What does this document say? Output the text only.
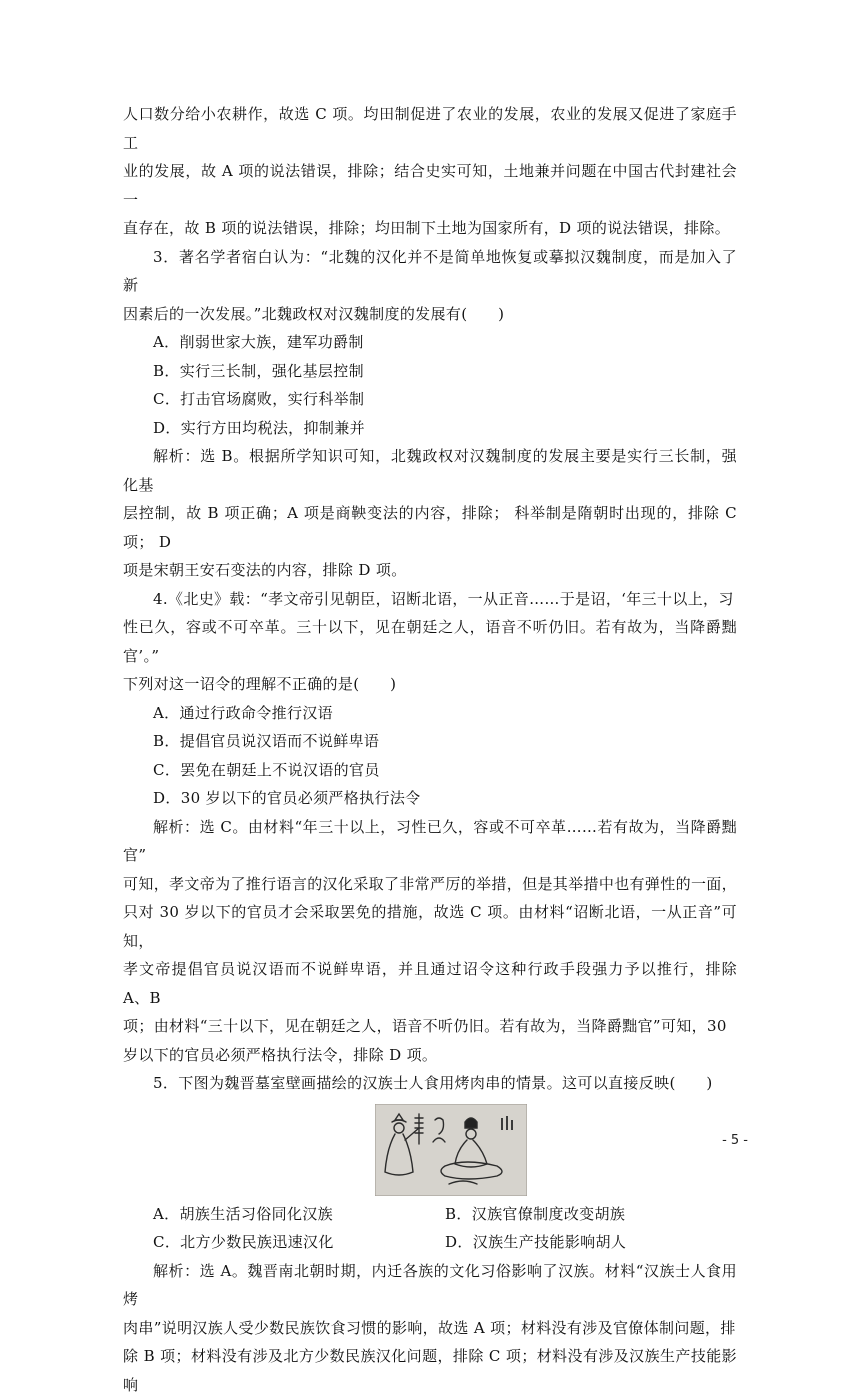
人口数分给小农耕作，故选 C 项。均田制促进了农业的发展，农业的发展又促进了家庭手工

业的发展，故 A 项的说法错误，排除；结合史实可知，土地兼并问题在中国古代封建社会一

直存在，故 B 项的说法错误，排除；均田制下土地为国家所有，D 项的说法错误，排除。

3．著名学者宿白认为：“北魏的汉化并不是简单地恢复或摹拟汉魏制度，而是加入了新

因素后的一次发展。”北魏政权对汉魏制度的发展有(　　)

A．削弱世家大族，建军功爵制

B．实行三长制，强化基层控制

C．打击官场腐败，实行科举制

D．实行方田均税法，抑制兼并

解析：选 B。根据所学知识可知，北魏政权对汉魏制度的发展主要是实行三长制，强化基

层控制，故 B 项正确；A 项是商鞅变法的内容，排除； 科举制是隋朝时出现的，排除 C 项； D

项是宋朝王安石变法的内容，排除 D 项。

4.《北史》载：“孝文帝引见朝臣，诏断北语，一从正音……于是诏，‘年三十以上，习

性已久，容或不可卒革。三十以下，见在朝廷之人，语音不听仍旧。若有故为，当降爵黜官’。”

下列对这一诏令的理解不正确的是(　　)

A．通过行政命令推行汉语

B．提倡官员说汉语而不说鲜卑语

C．罢免在朝廷上不说汉语的官员

D．30 岁以下的官员必须严格执行法令

解析：选 C。由材料“年三十以上，习性已久，容或不可卒革……若有故为，当降爵黜官”

可知，孝文帝为了推行语言的汉化采取了非常严厉的举措，但是其举措中也有弹性的一面，

只对 30 岁以下的官员才会采取罢免的措施，故选 C 项。由材料“诏断北语，一从正音”可知，

孝文帝提倡官员说汉语而不说鲜卑语，并且通过诏令这种行政手段强力予以推行，排除 A、B

项；由材料“三十以下，见在朝廷之人，语音不听仍旧。若有故为，当降爵黜官”可知，30

岁以下的官员必须严格执行法令，排除 D 项。

5．下图为魏晋墓室壁画描绘的汉族士人食用烤肉串的情景。这可以直接反映(　　)

A．胡族生活习俗同化汉族	B．汉族官僚制度改变胡族
C．北方少数民族迅速汉化	D．汉族生产技能影响胡人

解析：选 A。魏晋南北朝时期，内迁各族的文化习俗影响了汉族。材料“汉族士人食用烤

肉串”说明汉族人受少数民族饮食习惯的影响，故选 A 项；材料没有涉及官僚体制问题，排

除 B 项；材料没有涉及北方少数民族汉化问题，排除 C 项；材料没有涉及汉族生产技能影响

- 5 -
